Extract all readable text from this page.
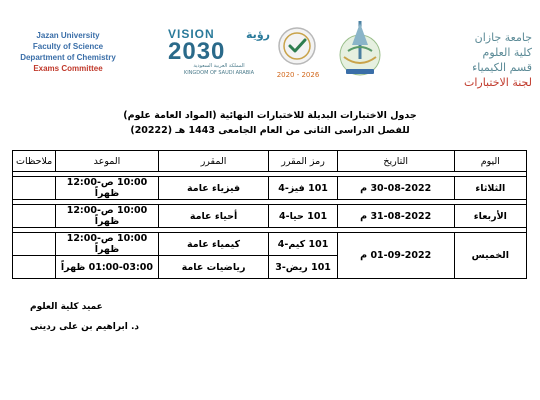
Jazan University
Faculty of Science
Department of Chemistry
Exams Committee
VISION	رؤية
2030
المملكة العربية السعودية
KINGDOM OF SAUDI ARABIA	2020 - 2026
جامعة جازان
كلية العلوم
قسم الكيمياء
لجنة الاختبارات
جدول الاختبارات البديلة للاختبارات النهائية (المواد العامة علوم)
للفصل الدراسى الثانى من العام الجامعى 1443 هـ (20222)
اليوم	التاريخ	رمز المقرر	المقرر	الموعد	ملاحظات

الثلاثاء	30-08-2022 م	101 فيز-4	فيزياء عامة	10:00 ص-12:00 ظهراً	

الأربعاء	31-08-2022 م	101 حيا-4	أحياء عامة	10:00 ص-12:00 ظهراً	

الخميس	01-09-2022 م	101 كيم-4	كيمياء عامة	10:00 ص-12:00 ظهراً	
		101 ريض-3	رياضيات عامة	01:00-03:00 ظهراً	
عميد كلية العلوم
د. ابراهيم بن على ردينى
